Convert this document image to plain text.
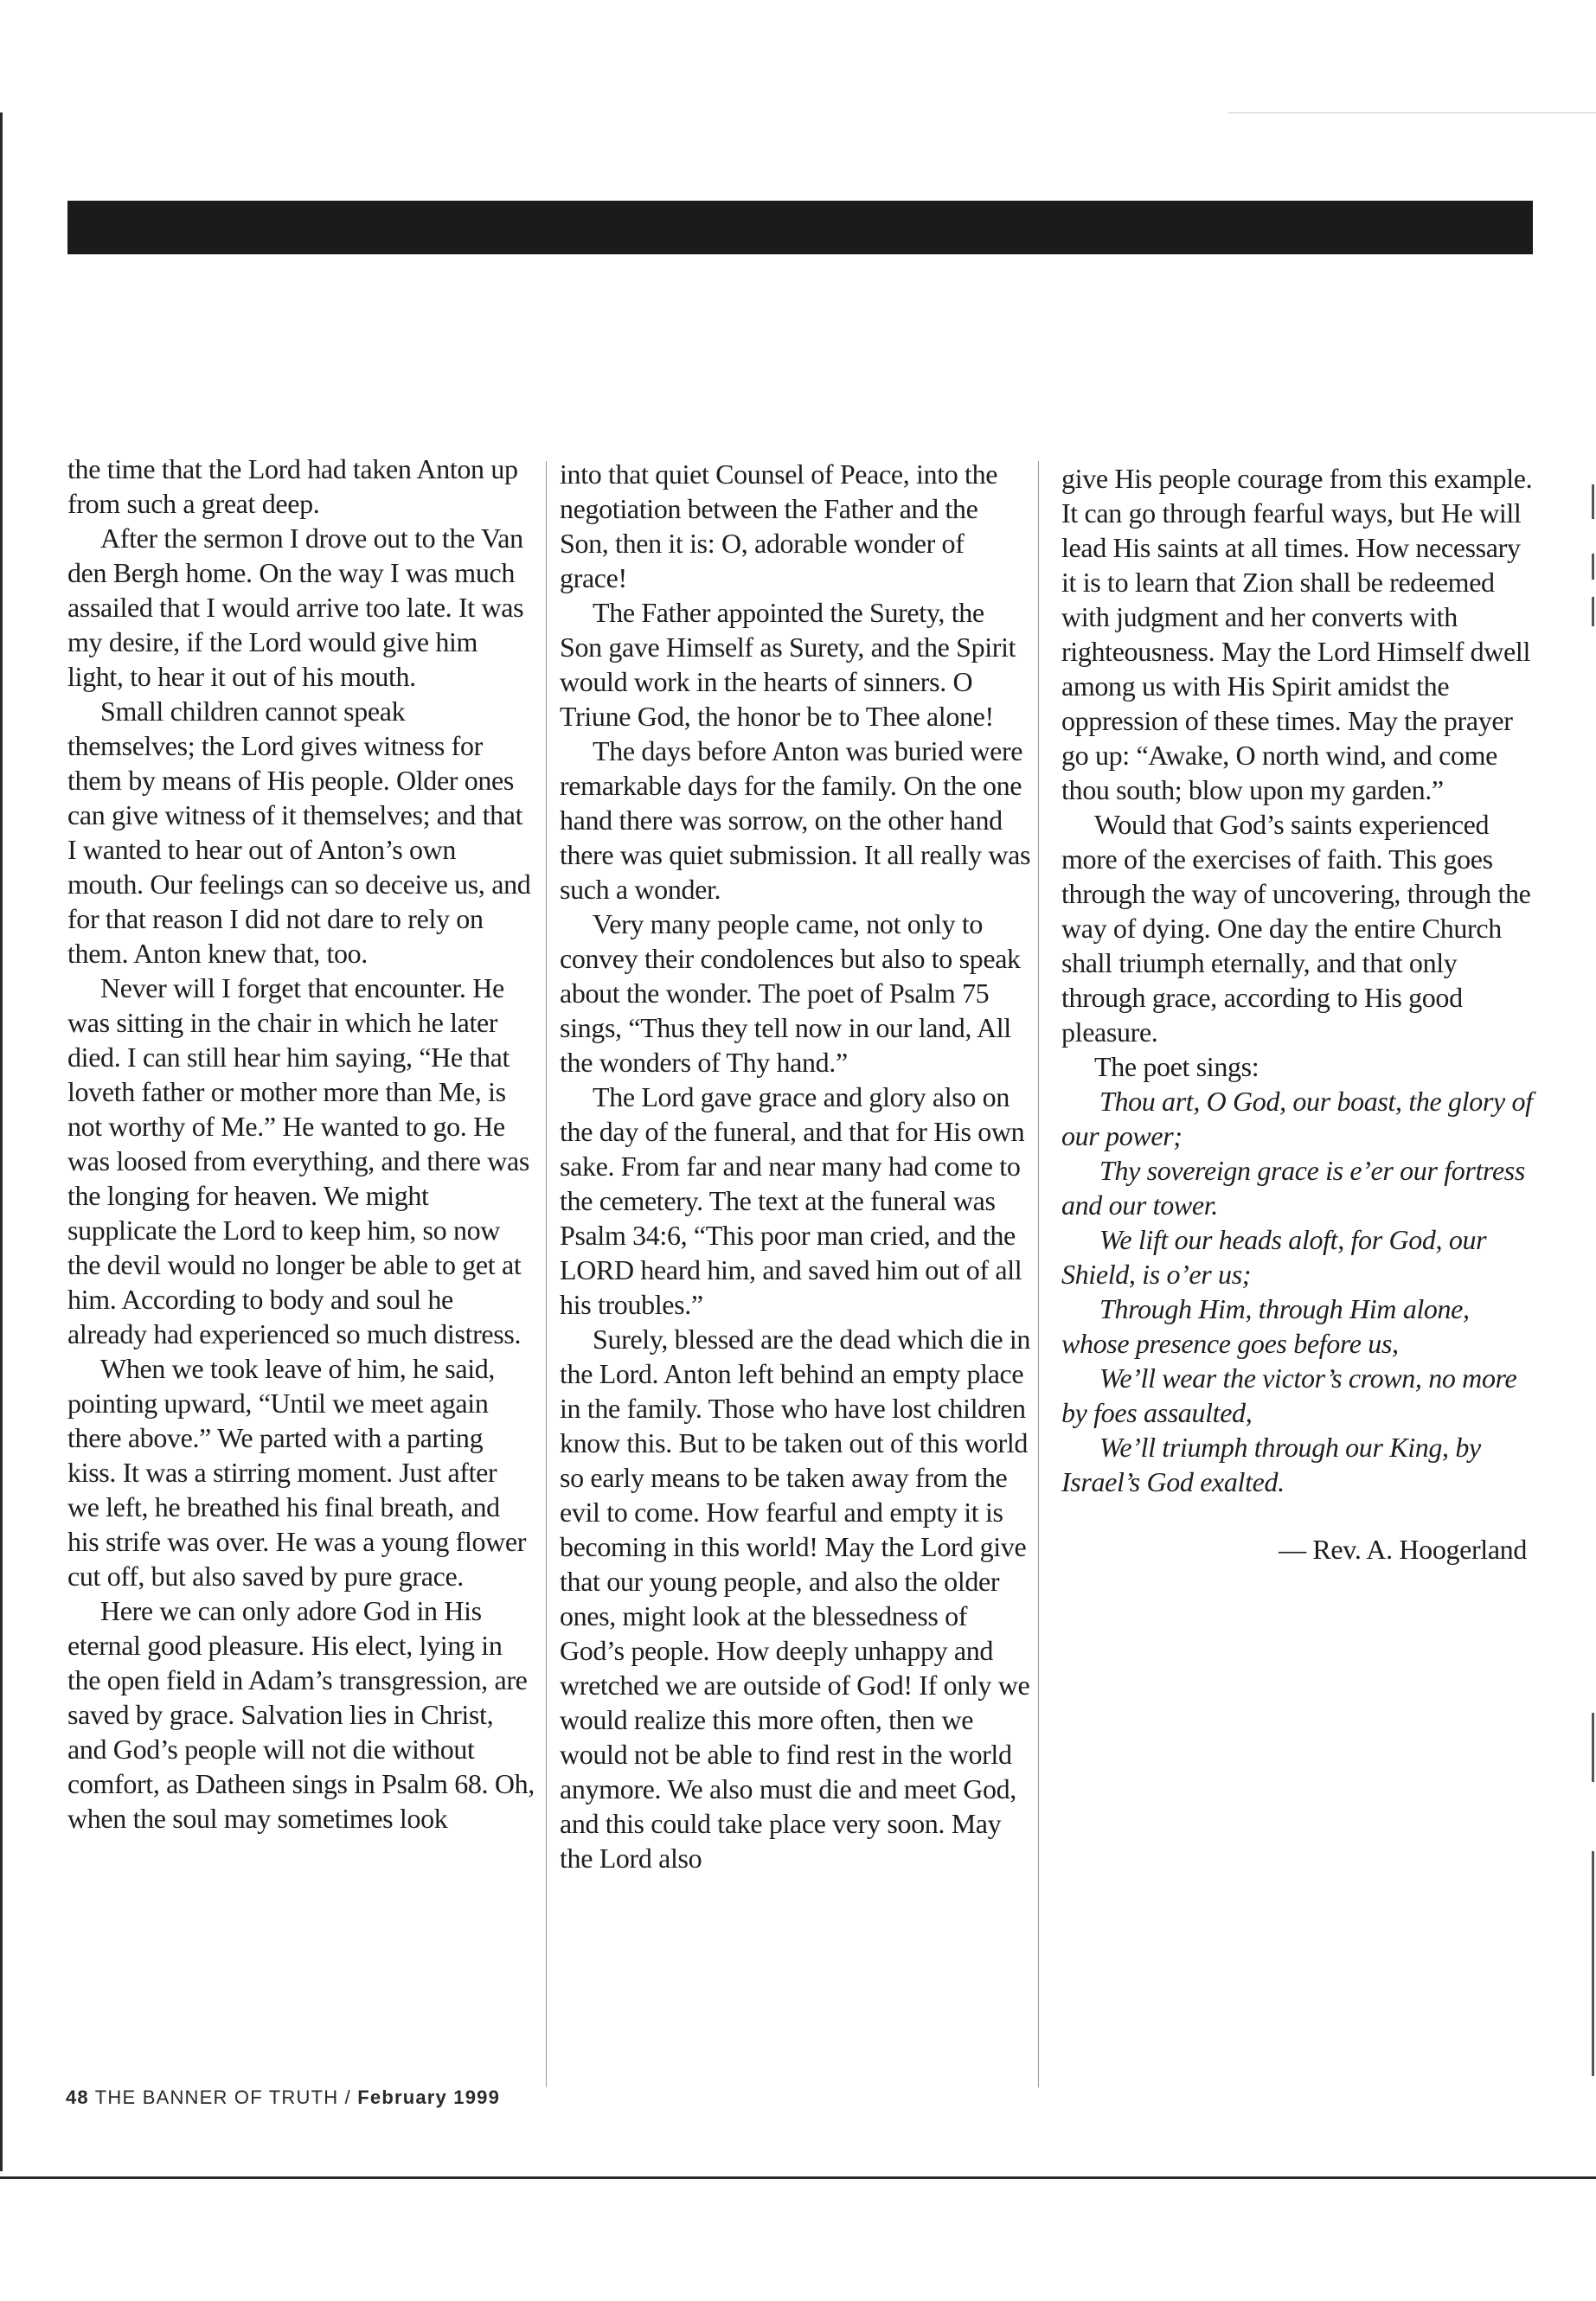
the time that the Lord had taken Anton up from such a great deep.

After the sermon I drove out to the Van den Bergh home. On the way I was much assailed that I would arrive too late. It was my desire, if the Lord would give him light, to hear it out of his mouth.

Small children cannot speak themselves; the Lord gives witness for them by means of His people. Older ones can give witness of it themselves; and that I wanted to hear out of Anton’s own mouth. Our feelings can so deceive us, and for that reason I did not dare to rely on them. Anton knew that, too.

Never will I forget that encounter. He was sitting in the chair in which he later died. I can still hear him saying, “He that loveth father or mother more than Me, is not worthy of Me.” He wanted to go. He was loosed from everything, and there was the longing for heaven. We might supplicate the Lord to keep him, so now the devil would no longer be able to get at him. According to body and soul he already had experienced so much distress.

When we took leave of him, he said, pointing upward, “Until we meet again there above.” We parted with a parting kiss. It was a stirring moment. Just after we left, he breathed his final breath, and his strife was over. He was a young flower cut off, but also saved by pure grace.

Here we can only adore God in His eternal good pleasure. His elect, lying in the open field in Adam’s transgression, are saved by grace. Salvation lies in Christ, and God’s people will not die without comfort, as Datheen sings in Psalm 68. Oh, when the soul may sometimes look

into that quiet Counsel of Peace, into the negotiation between the Father and the Son, then it is: O, adorable wonder of grace!

The Father appointed the Surety, the Son gave Himself as Surety, and the Spirit would work in the hearts of sinners. O Triune God, the honor be to Thee alone!

The days before Anton was buried were remarkable days for the family. On the one hand there was sorrow, on the other hand there was quiet submission. It all really was such a wonder.

Very many people came, not only to convey their condolences but also to speak about the wonder. The poet of Psalm 75 sings, “Thus they tell now in our land, All the wonders of Thy hand.”

The Lord gave grace and glory also on the day of the funeral, and that for His own sake. From far and near many had come to the cemetery. The text at the funeral was Psalm 34:6, “This poor man cried, and the LORD heard him, and saved him out of all his troubles.”

Surely, blessed are the dead which die in the Lord. Anton left behind an empty place in the family. Those who have lost children know this. But to be taken out of this world so early means to be taken away from the evil to come. How fearful and empty it is becoming in this world! May the Lord give that our young people, and also the older ones, might look at the blessedness of God’s people. How deeply unhappy and wretched we are outside of God! If only we would realize this more often, then we would not be able to find rest in the world anymore. We also must die and meet God, and this could take place very soon. May the Lord also

give His people courage from this example. It can go through fearful ways, but He will lead His saints at all times. How necessary it is to learn that Zion shall be redeemed with judgment and her converts with righteousness. May the Lord Himself dwell among us with His Spirit amidst the oppression of these times. May the prayer go up: “Awake, O north wind, and come thou south; blow upon my garden.”

Would that God’s saints experienced more of the exercises of faith. This goes through the way of uncovering, through the way of dying. One day the entire Church shall triumph eternally, and that only through grace, according to His good pleasure.

The poet sings:

Thou art, O God, our boast, the glory of our power;

Thy sovereign grace is e’er our fortress and our tower.

We lift our heads aloft, for God, our Shield, is o’er us;

Through Him, through Him alone, whose presence goes before us,

We’ll wear the victor’s crown, no more by foes assaulted,

We’ll triumph through our King, by Israel’s God exalted.

— Rev. A. Hoogerland

48 THE BANNER OF TRUTH / February 1999
